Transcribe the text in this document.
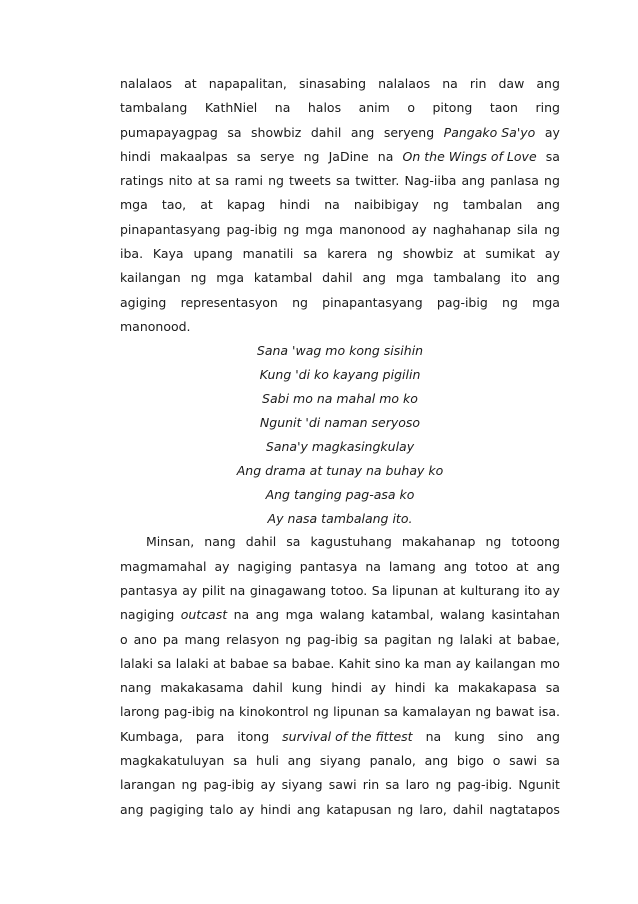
nalalaos at napapalitan, sinasabing nalalaos na rin daw ang
tambalang KathNiel na halos anim o pitong taon ring
pumapayagpag sa showbiz dahil ang seryeng Pangako Sa'yo ay
hindi makaalpas sa serye ng JaDine na On the Wings of Love sa
ratings nito at sa rami ng tweets sa twitter. Nag-iiba ang panlasa ng
mga tao, at kapag hindi na naibibigay ng tambalan ang
pinapantasyang pag-ibig ng mga manonood ay naghahanap sila ng
iba. Kaya upang manatili sa karera ng showbiz at sumikat ay
kailangan ng mga katambal dahil ang mga tambalang ito ang
agiging representasyon ng pinapantasyang pag-ibig ng mga
manonood.
Sana 'wag mo kong sisihin
Kung 'di ko kayang pigilin
Sabi mo na mahal mo ko
Ngunit 'di naman seryoso
Sana'y magkasingkulay
Ang drama at tunay na buhay ko
Ang tanging pag-asa ko
Ay nasa tambalang ito.
Minsan, nang dahil sa kagustuhang makahanap ng totoong
magmamahal ay nagiging pantasya na lamang ang totoo at ang
pantasya ay pilit na ginagawang totoo. Sa lipunan at kulturang ito ay
nagiging outcast na ang mga walang katambal, walang kasintahan
o ano pa mang relasyon ng pag-ibig sa pagitan ng lalaki at babae,
lalaki sa lalaki at babae sa babae. Kahit sino ka man ay kailangan mo
nang makakasama dahil kung hindi ay hindi ka makakapasa sa
larong pag-ibig na kinokontrol ng lipunan sa kamalayan ng bawat isa.
Kumbaga, para itong survival of the fittest na kung sino ang
magkakatuluyan sa huli ang siyang panalo, ang bigo o sawi sa
larangan ng pag-ibig ay siyang sawi rin sa laro ng pag-ibig. Ngunit
ang pagiging talo ay hindi ang katapusan ng laro, dahil nagtatapos
